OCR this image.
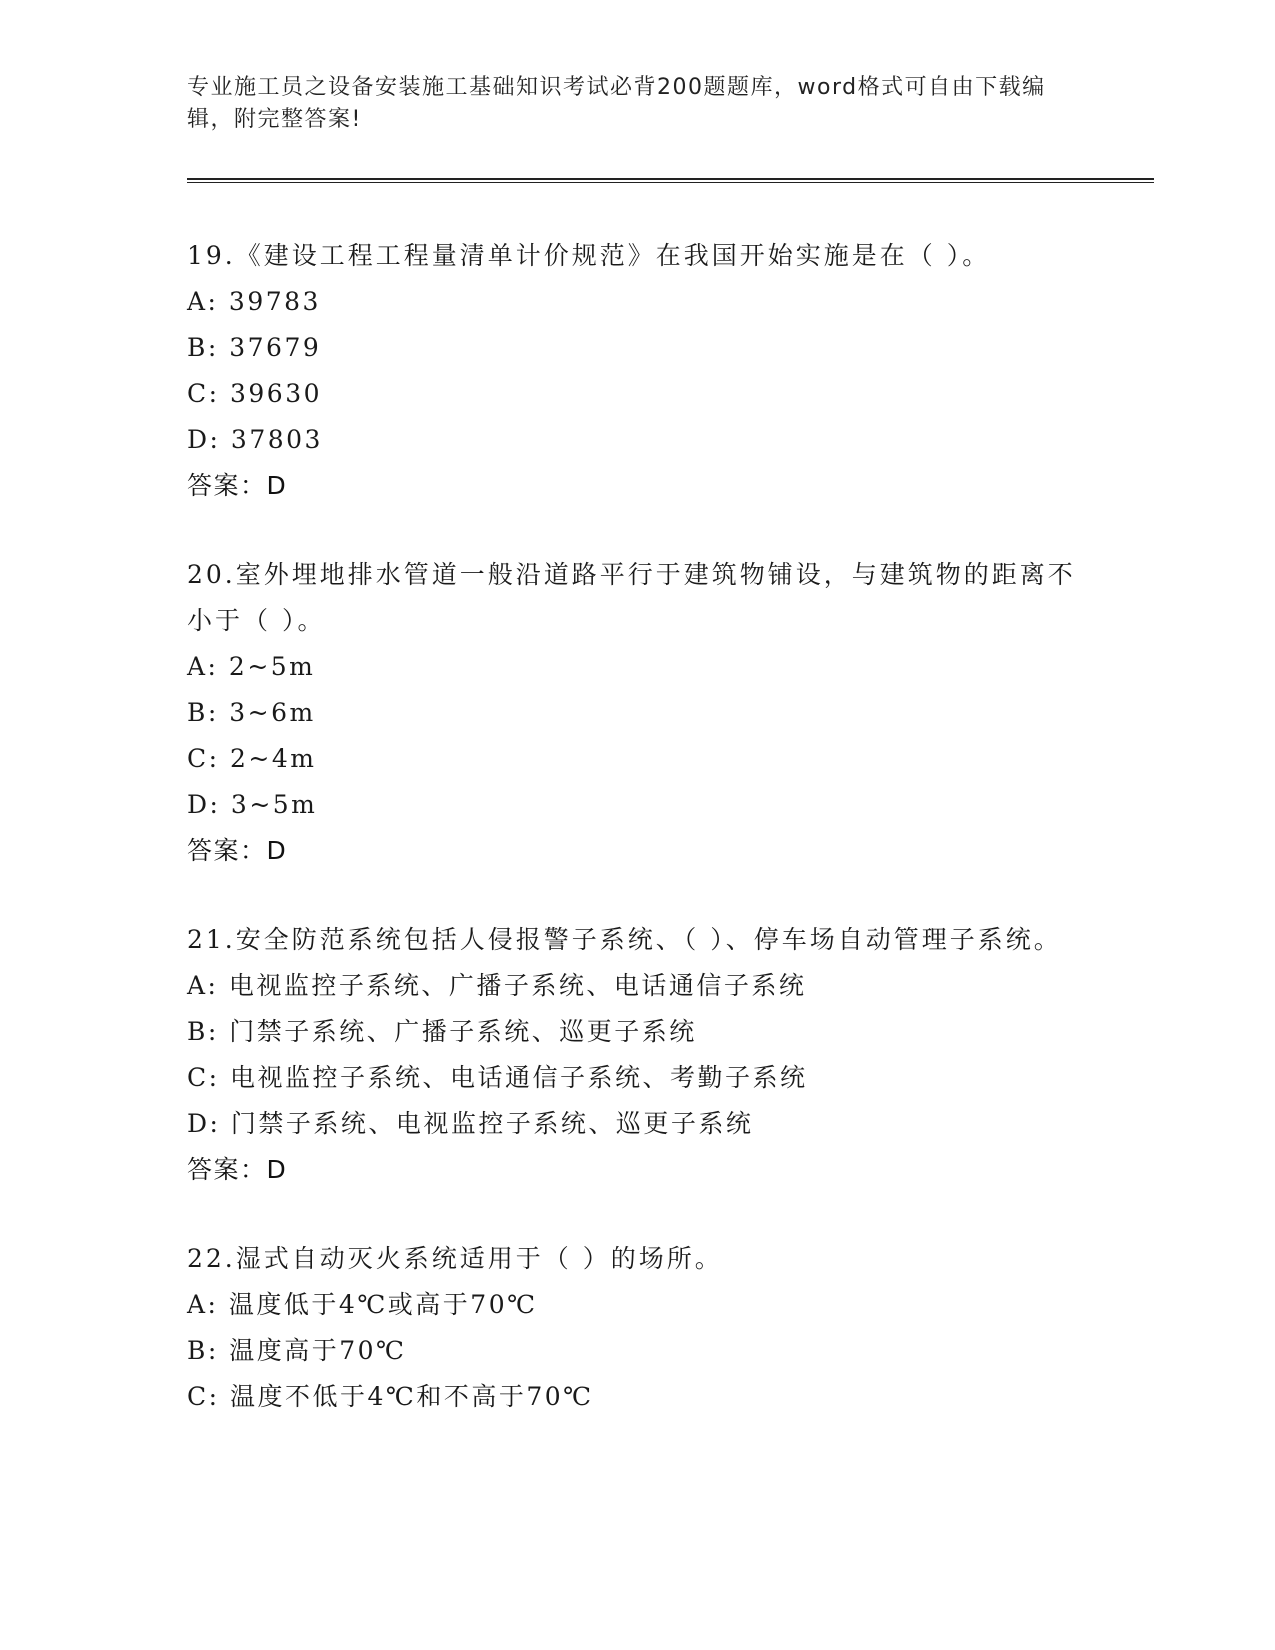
专业施工员之设备安装施工基础知识考试必背200题题库，word格式可自由下载编辑，附完整答案!
19.《建设工程工程量清单计价规范》在我国开始实施是在（ ）。
A: 39783
B: 37679
C: 39630
D: 37803
答案：D
20.室外埋地排水管道一般沿道路平行于建筑物铺设，与建筑物的距离不小于（ ）。
A: 2~5m
B: 3~6m
C: 2~4m
D: 3~5m
答案：D
21.安全防范系统包括人侵报警子系统、（ ）、停车场自动管理子系统。
A: 电视监控子系统、广播子系统、电话通信子系统
B: 门禁子系统、广播子系统、巡更子系统
C: 电视监控子系统、电话通信子系统、考勤子系统
D: 门禁子系统、电视监控子系统、巡更子系统
答案：D
22.湿式自动灭火系统适用于（ ）的场所。
A: 温度低于4℃或高于70℃
B: 温度高于70℃
C: 温度不低于4℃和不高于70℃
